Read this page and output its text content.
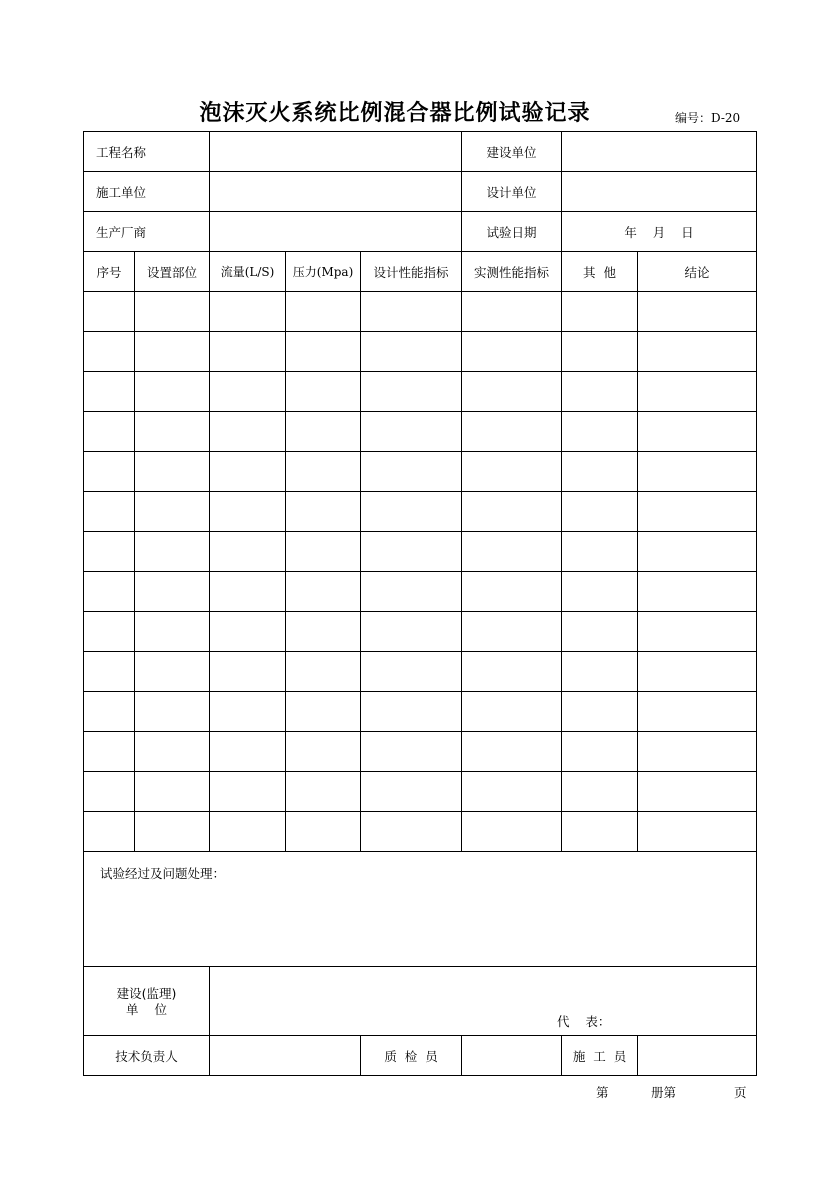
泡沫灭火系统比例混合器比例试验记录	编号：D-20
工程名称					建设单位		
施工单位					设计单位		
生产厂商					试验日期	年    月    日	
序号	设置部位	流量(L/S)	压力(Mpa)	设计性能指标	实测性能指标	其  他	结论

试验经过及问题处理：							

建设(监理)
单    位		代    表：					

技术负责人				质  检  员		施  工  员	
第	册第	页
